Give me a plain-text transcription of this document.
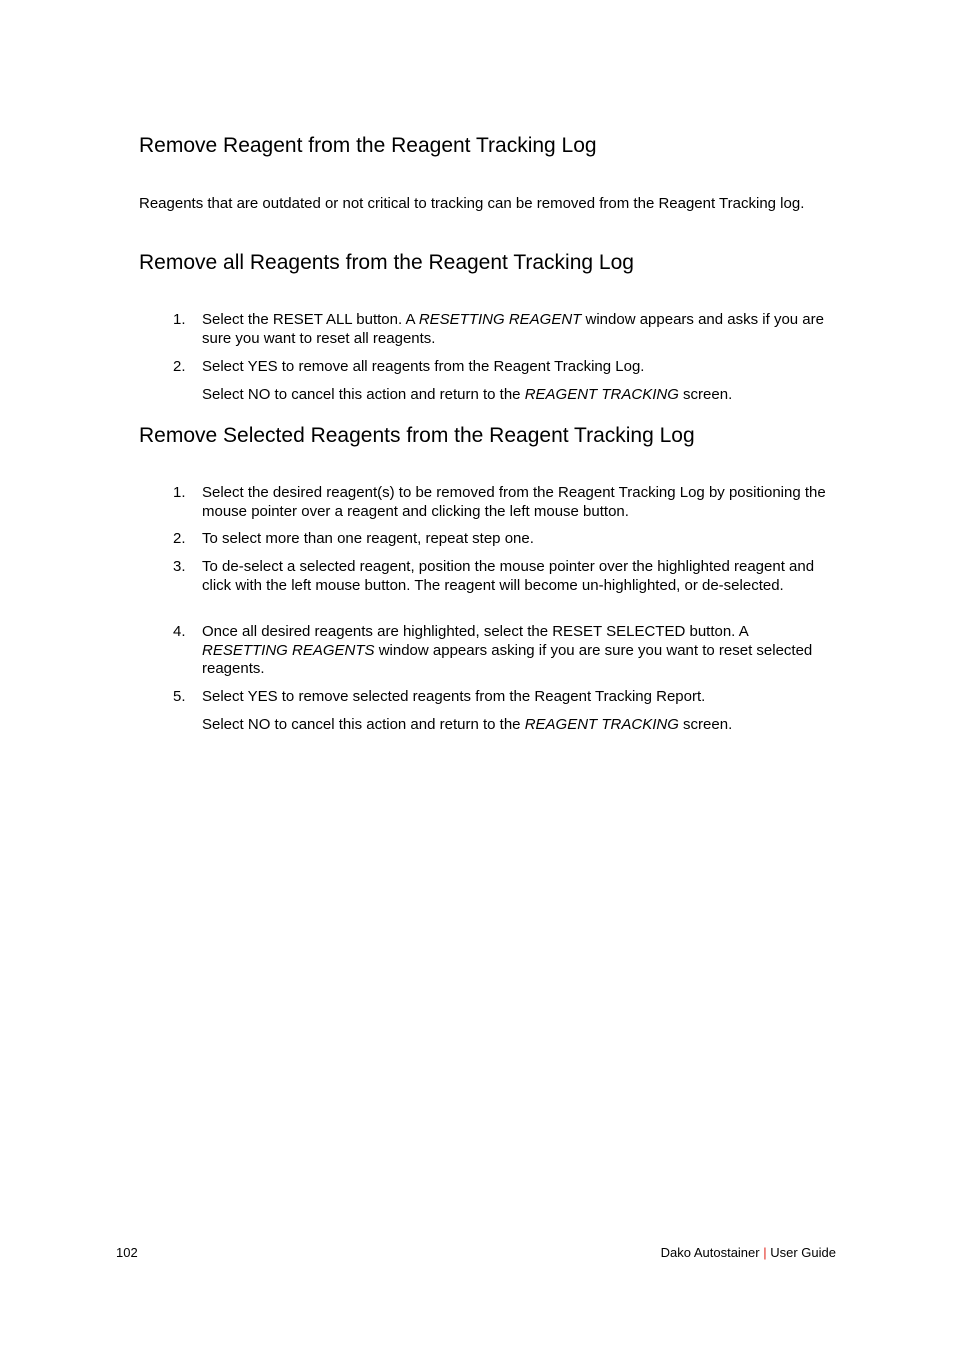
Remove Reagent from the Reagent Tracking Log

Reagents that are outdated or not critical to tracking can be removed from the Reagent Tracking log.

Remove all Reagents from the Reagent Tracking Log
1. Select the RESET ALL button. A RESETTING REAGENT window appears and asks if you are sure you want to reset all reagents.
2. Select YES to remove all reagents from the Reagent Tracking Log.
Select NO to cancel this action and return to the REAGENT TRACKING screen.
Remove Selected Reagents from the Reagent Tracking Log
1. Select the desired reagent(s) to be removed from the Reagent Tracking Log by positioning the mouse pointer over a reagent and clicking the left mouse button.
2. To select more than one reagent, repeat step one.
3. To de-select a selected reagent, position the mouse pointer over the highlighted reagent and click with the left mouse button. The reagent will become un-highlighted, or de-selected.
4. Once all desired reagents are highlighted, select the RESET SELECTED button. A RESETTING REAGENTS window appears asking if you are sure you want to reset selected reagents.
5. Select YES to remove selected reagents from the Reagent Tracking Report.
Select NO to cancel this action and return to the REAGENT TRACKING screen.
102	Dako Autostainer | User Guide
